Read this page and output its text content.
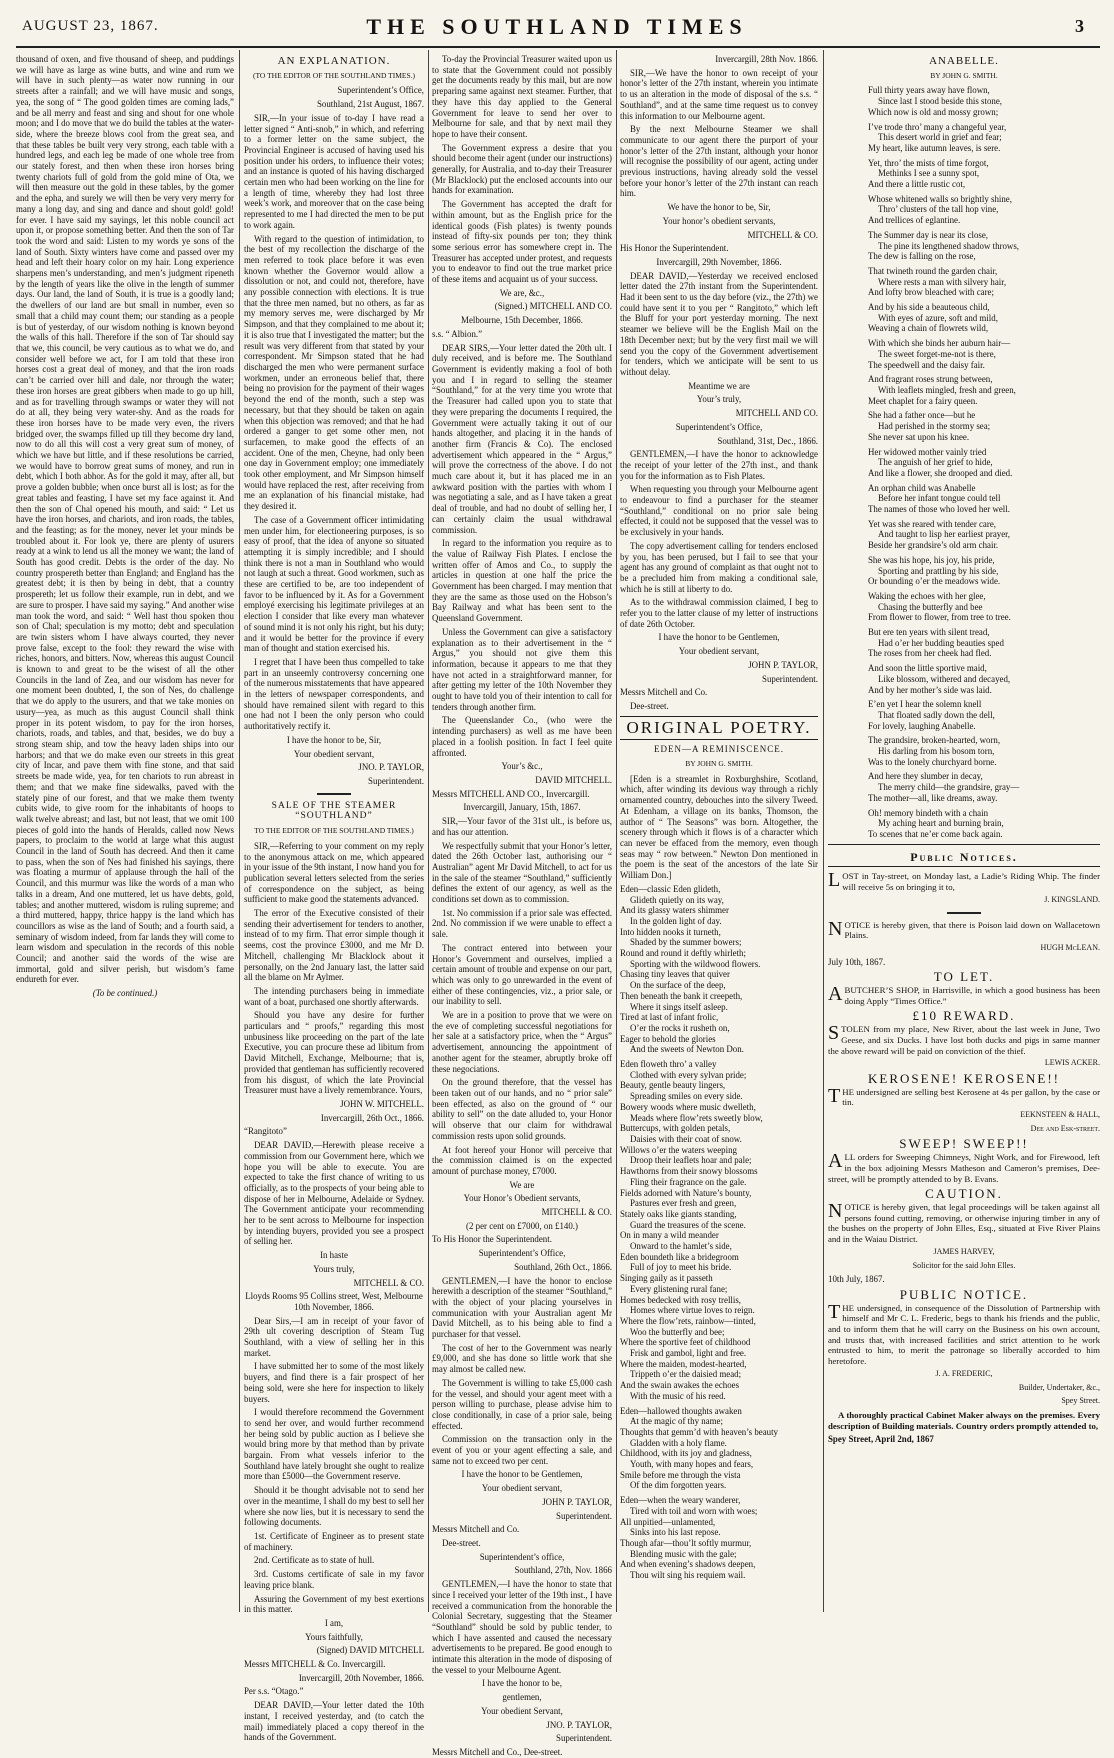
AUGUST 23, 1867.	THE SOUTHLAND TIMES	3

thousand of oxen, and five thousand of sheep, and puddings we will have as large as wine butts, and wine and rum we will have in such plenty—as water now running in our streets after a rainfall; and we will have music and songs, yea, the song of “ The good golden times are coming lads,” and be all merry and feast and sing and shout for one whole moon; and I do move that we do build the tables at the water-side, where the breeze blows cool from the great sea, and that these tables be built very very strong, each table with a hundred legs, and each leg be made of one whole tree from our stately forest, and then when these iron horses bring twenty chariots full of gold from the gold mine of Ota, we will then measure out the gold in these tables, by the gomer and the epha, and surely we will then be very very merry for many a long day, and sing and dance and shout gold! gold! for ever. I have said my sayings, let this noble council act upon it, or propose something better. And then the son of Tar took the word and said: Listen to my words ye sons of the land of South. Sixty winters have come and passed over my head and left their hoary color on my hair. Long experience sharpens men’s understanding, and men’s judgment ripeneth by the length of years like the olive in the length of summer days. Our land, the land of South, it is true is a goodly land; the dwellers of our land are but small in number, even so small that a child may count them; our standing as a people is but of yesterday, of our wisdom nothing is known beyond the walls of this hall. Therefore if the son of Tar should say that we, this council, be very cautious as to what we do, and consider well before we act, for I am told that these iron horses cost a great deal of money, and that the iron roads can’t be carried over hill and dale, nor through the water; these iron horses are great gibbers when made to go up hill, and as for travelling through swamps or water they will not do at all, they being very water-shy. And as the roads for these iron horses have to be made very even, the rivers bridged over, the swamps filled up till they become dry land, now to do all this will cost a very great sum of money, of which we have but little, and if these resolutions be carried, we would have to borrow great sums of money, and run in debt, which I both abhor. As for the gold it may, after all, but prove a golden bubble; when once burst all is lost; as for the great tables and feasting, I have set my face against it. And then the son of Chal opened his mouth, and said: “ Let us have the iron horses, and chariots, and iron roads, the tables, and the feasting; as for the money, never let your minds be troubled about it. For look ye, there are plenty of usurers ready at a wink to lend us all the money we want; the land of South has good credit. Debts is the order of the day. No country prospereth better than England; and England has the greatest debt; it is then by being in debt, that a country prospereth; let us follow their example, run in debt, and we are sure to prosper. I have said my saying.” And another wise man took the word, and said: “ Well hast thou spoken thou son of Chal; speculation is my motto; debt and speculation are twin sisters whom I have always courted, they never prove false, except to the fool: they reward the wise with riches, honors, and bitters. Now, whereas this august Council is known to and great to be the wisest of all the other Councils in the land of Zea, and our wisdom has never for one moment been doubted, I, the son of Nes, do challenge that we do apply to the usurers, and that we take monies on usury—yea, as much as this august Council shall think proper in its potent wisdom, to pay for the iron horses, chariots, roads, and tables, and that, besides, we do buy a strong steam ship, and tow the heavy laden ships into our harbors; and that we do make even our streets in this great city of Incar, and pave them with fine stone, and that said streets be made wide, yea, for ten chariots to run abreast in them; and that we make fine sidewalks, paved with the stately pine of our forest, and that we make them twenty cubits wide, to give room for the inhabitants of hoops to walk twelve abreast; and last, but not least, that we omit 100 pieces of gold into the hands of Heralds, called now News papers, to proclaim to the world at large what this august Council in the land of South has decreed. And then it came to pass, when the son of Nes had finished his sayings, there was floating a murmur of applause through the hall of the Council, and this murmur was like the words of a man who talks in a dream, And one muttered, let us have debts, gold, tables; and another muttered, wisdom is ruling supreme; and a third muttered, happy, thrice happy is the land which has councillors as wise as the land of South; and a fourth said, a seminary of wisdom indeed, from far lands they will come to learn wisdom and speculation in the records of this noble Council; and another said the words of the wise are immortal, gold and silver perish, but wisdom’s fame endureth for ever.

(To be continued.)

AN EXPLANATION.
(TO THE EDITOR OF THE SOUTHLAND TIMES.)

Superintendent’s Office,

Southland, 21st August, 1867.

SIR,—In your issue of to-day I have read a letter signed “ Anti-snob,” in which, and referring to a former letter on the same subject, the Provincial Engineer is accused of having used his position under his orders, to influence their votes; and an instance is quoted of his having discharged certain men who had been working on the line for a length of time, whereby they had lost three week’s work, and moreover that on the case being represented to me I had directed the men to be put to work again.

With regard to the question of intimidation, to the best of my recollection the discharge of the men referred to took place before it was even known whether the Governor would allow a dissolution or not, and could not, therefore, have any possible connection with elections. It is true that the three men named, but no others, as far as my memory serves me, were discharged by Mr Simpson, and that they complained to me about it; it is also true that I investigated the matter; but the result was very different from that stated by your correspondent. Mr Simpson stated that he had discharged the men who were permanent surface workmen, under an erroneous belief that, there being no provision for the payment of their wages beyond the end of the month, such a step was necessary, but that they should be taken on again when this objection was removed; and that he had ordered a ganger to get some other men, not surfacemen, to make good the effects of an accident. One of the men, Cheyne, had only been one day in Government employ; one immediately took other employment, and Mr Simpson himself would have replaced the rest, after receiving from me an explanation of his financial mistake, had they desired it.

The case of a Government officer intimidating men under him, for electioneering purposes, is so easy of proof, that the idea of anyone so situated attempting it is simply incredible; and I should think there is not a man in Southland who would not laugh at such a threat. Good workmen, such as these are certified to be, are too independent of favor to be influenced by it. As for a Government employé exercising his legitimate privileges at an election I consider that like every man whatever of sound mind it is not only his right, but his duty; and it would be better for the province if every man of thought and station exercised his.

I regret that I have been thus compelled to take part in an unseemly controversy concerning one of the numerous misstatements that have appeared in the letters of newspaper correspondents, and should have remained silent with regard to this one had not I been the only person who could authoritatively rectify it.

I have the honor to be, Sir,

Your obedient servant,

JNO. P. TAYLOR,

Superintendent.

SALE OF THE STEAMER “SOUTHLAND”
TO THE EDITOR OF THE SOUTHLAND TIMES.)

SIR,—Referring to your comment on my reply to the anonymous attack on me, which appeared in your issue of the 9th instant, I now hand you for publication several letters selected from the series of correspondence on the subject, as being sufficient to make good the statements advanced.

The error of the Executive consisted of their sending their advertisement for tenders to another, instead of to my firm. That error simple though it seems, cost the province £3000, and me Mr D. Mitchell, challenging Mr Blacklock about it personally, on the 2nd January last, the latter said all the blame on Mr Aylmer.

The intending purchasers being in immediate want of a boat, purchased one shortly afterwards.

Should you have any desire for further particulars and “ proofs,” regarding this most unbusiness like proceeding on the part of the late Executive, you can procure these ad libitum from David Mitchell, Exchange, Melbourne; that is, provided that gentleman has sufficiently recovered from his disgust, of which the late Provincial Treasurer must have a lively remembrance. Yours,

JOHN W. MITCHELL.

Invercargill, 26th Oct., 1866.

“Rangitoto”

DEAR DAVID,—Herewith please receive a commission from our Government here, which we hope you will be able to execute. You are expected to take the first chance of writing to us officially, as to the prospects of your being able to dispose of her in Melbourne, Adelaide or Sydney. The Government anticipate your recommending her to be sent across to Melbourne for inspection by intending buyers, provided you see a prospect of selling her.

In haste

Yours truly,

MITCHELL & CO.

Lloyds Rooms 95 Collins street, West, Melbourne 10th November, 1866.

Dear Sirs,—I am in receipt of your favor of 29th ult covering description of Steam Tug Southland, with a view of selling her in this market.

I have submitted her to some of the most likely buyers, and find there is a fair prospect of her being sold, were she here for inspection to likely buyers.

I would therefore recommend the Government to send her over, and would further recommend her being sold by public auction as I believe she would bring more by that method than by private bargain. From what vessels inferior to the Southland have lately brought she ought to realize more than £5000—the Government reserve.

Should it be thought advisable not to send her over in the meantime, I shall do my best to sell her where she now lies, but it is necessary to send the following documents.

1st. Certificate of Engineer as to present state of machinery.

2nd. Certificate as to state of hull.

3rd. Customs certificate of sale in my favor leaving price blank.

Assuring the Government of my best exertions in this matter.

I am,

Yours faithfully,

(Signed) DAVID MITCHELL

Messrs MITCHELL & Co. Invercargill.

Invercargill, 20th November, 1866.

Per s.s. “Otago.”

DEAR DAVID,—Your letter dated the 10th instant, I received yesterday, and (to catch the mail) immediately placed a copy thereof in the hands of the Government.

To-day the Provincial Treasurer waited upon us to state that the Government could not possibly get the documents ready by this mail, but are now preparing same against next steamer. Further, that they have this day applied to the General Government for leave to send her over to Melbourne for sale, and that by next mail they hope to have their consent.

The Government express a desire that you should become their agent (under our instructions) generally, for Australia, and to-day their Treasurer (Mr Blacklock) put the enclosed accounts into our hands for examination.

The Government has accepted the draft for within amount, but as the English price for the identical goods (Fish plates) is twenty pounds instead of fifty-six pounds per ton; they think some serious error has somewhere crept in. The Treasurer has accepted under protest, and requests you to endeavor to find out the true market price of these items and acquaint us of your success.

We are, &c.,

(Signed.) MITCHELL AND CO.

Melbourne, 15th December, 1866.

s.s. “ Albion.”

DEAR SIRS,—Your letter dated the 20th ult. I duly received, and is before me. The Southland Government is evidently making a fool of both you and I in regard to selling the steamer “Southland,” for at the very time you wrote that the Treasurer had called upon you to state that they were preparing the documents I required, the Government were actually taking it out of our hands altogether, and placing it in the hands of another firm (Francis & Co). The enclosed advertisement which appeared in the “ Argus,” will prove the correctness of the above. I do not much care about it, but it has placed me in an awkward position with the parties with whom I was negotiating a sale, and as I have taken a great deal of trouble, and had no doubt of selling her, I can certainly claim the usual withdrawal commission.

In regard to the information you require as to the value of Railway Fish Plates. I enclose the written offer of Amos and Co., to supply the articles in question at one half the price the Government has been charged. I may mention that they are the same as those used on the Hobson’s Bay Railway and what has been sent to the Queensland Government.

Unless the Government can give a satisfactory explanation as to their advertisement in the “ Argus,” you should not give them this information, because it appears to me that they have not acted in a straightforward manner, for after getting my letter of the 10th November they ought to have told you of their intention to call for tenders through another firm.

The Queenslander Co., (who were the intending purchasers) as well as me have been placed in a foolish position. In fact I feel quite affronted.

Your’s &c.,

DAVID MITCHELL.

Messrs MITCHELL AND CO., Invercargill.

Invercargill, January, 15th, 1867.

SIR,—Your favor of the 31st ult., is before us, and has our attention.

We respectfully submit that your Honor’s letter, dated the 26th October last, authorising our “ Australian” agent Mr David Mitchell, to act for us in the sale of the steamer “Southland,” sufficiently defines the extent of our agency, as well as the conditions set down as to commission.

1st. No commission if a prior sale was effected. 2nd. No commission if we were unable to effect a sale.

The contract entered into between your Honor’s Government and ourselves, implied a certain amount of trouble and expense on our part, which was only to go unrewarded in the event of either of these contingencies, viz., a prior sale, or our inability to sell.

We are in a position to prove that we were on the eve of completing successful negotiations for her sale at a satisfactory price, when the “ Argus” advertisement, announcing the appointment of another agent for the steamer, abruptly broke off these negociations.

On the ground therefore, that the vessel has been taken out of our hands, and no “ prior sale” been effected, as also on the ground of “ our ability to sell” on the date alluded to, your Honor will observe that our claim for withdrawal commission rests upon solid grounds.

At foot hereof your Honor will perceive that the commission claimed is on the expected amount of purchase money, £7000.

We are

Your Honor’s Obedient servants,

MITCHELL & CO.

(2 per cent on £7000, on £140.)

To His Honor the Superintendent.

Superintendent’s Office,

Southland, 26th Oct., 1866.

GENTLEMEN,—I have the honor to enclose herewith a description of the steamer “Southland,” with the object of your placing yourselves in communication with your Australian agent Mr David Mitchell, as to his being able to find a purchaser for that vessel.

The cost of her to the Government was nearly £9,000, and she has done so little work that she may almost be called new.

The Government is willing to take £5,000 cash for the vessel, and should your agent meet with a person willing to purchase, please advise him to close conditionally, in case of a prior sale, being effected.

Commission on the transaction only in the event of you or your agent effecting a sale, and same not to exceed two per cent.

I have the honor to be Gentlemen,

Your obedient servant,

JOHN P. TAYLOR,

Superintendent.

Messrs Mitchell and Co.

Dee-street.

Superintendent’s office,

Southland, 27th, Nov. 1866

GENTLEMEN,—I have the honor to state that since I received your letter of the 19th inst., I have received a communication from the honorable the Colonial Secretary, suggesting that the Steamer “Southland” should be sold by public tender, to which I have assented and caused the necessary advertisements to be prepared. Be good enough to intimate this alteration in the mode of disposing of the vessel to your Melbourne Agent.

I have the honor to be,

gentlemen,

Your obedient Servant,

JNO. P. TAYLOR,

Superintendent.

Messrs Mitchell and Co., Dee-street.

Invercargill, 28th Nov. 1866.

SIR,—We have the honor to own receipt of your honor’s letter of the 27th instant, wherein you intimate to us an alteration in the mode of disposal of the s.s. “ Southland”, and at the same time request us to convey this information to our Melbourne agent.

By the next Melbourne Steamer we shall communicate to our agent there the purport of your honor’s letter of the 27th instant, although your honor will recognise the possibility of our agent, acting under previous instructions, having already sold the vessel before your honor’s letter of the 27th instant can reach him.

We have the honor to be, Sir,

Your honor’s obedient servants,

MITCHELL & CO.

His Honor the Superintendent.

Invercargill, 29th November, 1866.

DEAR DAVID,—Yesterday we received enclosed letter dated the 27th instant from the Superintendent. Had it been sent to us the day before (viz., the 27th) we could have sent it to you per “ Rangitoto,” which left the Bluff for your port yesterday morning. The next steamer we believe will be the English Mail on the 18th December next; but by the very first mail we will send you the copy of the Government advertisement for tenders, which we anticipate will be sent to us without delay.

Meantime we are

Your’s truly,

MITCHELL AND CO.

Superintendent’s Office,

Southland, 31st, Dec., 1866.

GENTLEMEN,—I have the honor to acknowledge the receipt of your letter of the 27th inst., and thank you for the information as to Fish Plates.

When requesting you through your Melbourne agent to endeavour to find a purchaser for the steamer “Southland,” conditional on no prior sale being effected, it could not be supposed that the vessel was to be exclusively in your hands.

The copy advertisement calling for tenders enclosed by you, has been perused, but I fail to see that your agent has any ground of complaint as that ought not to be a precluded him from making a conditional sale, which he is still at liberty to do.

As to the withdrawal commission claimed, I beg to refer you to the latter clause of my letter of instructions of date 26th October.

I have the honor to be Gentlemen,

Your obedient servant,

JOHN P. TAYLOR,

Superintendent.

Messrs Mitchell and Co.

Dee-street.

ORIGINAL POETRY.
EDEN—A REMINISCENCE.
BY JOHN G. SMITH.

[Eden is a streamlet in Roxburghshire, Scotland, which, after winding its devious way through a richly ornamented country, debouches into the silvery Tweed. At Edenham, a village on its banks, Thomson, the author of “ The Seasons” was born. Altogether, the scenery through which it flows is of a character which can never be effaced from the memory, even though seas may “ row between.” Newton Don mentioned in the poem is the seat of the ancestors of the late Sir William Don.]

Eden—classic Eden glideth,

Glideth quietly on its way,

And its glassy waters shimmer

In the golden light of day.

Into hidden nooks it turneth,

Shaded by the summer bowers;

Round and round it deftly whirleth;

Sporting with the wildwood flowers.

Chasing tiny leaves that quiver

On the surface of the deep,

Then beneath the bank it creepeth,

Where it sings itself asleep.

Tired at last of infant frolic,

O’er the rocks it rusheth on,

Eager to behold the glories

And the sweets of Newton Don.

Eden floweth thro’ a valley

Clothed with every sylvan pride;

Beauty, gentle beauty lingers,

Spreading smiles on every side.

Bowery woods where music dwelleth,

Meads where flow’rets sweetly blow,

Buttercups, with golden petals,

Daisies with their coat of snow.

Willows o’er the waters weeping

Droop their leaflets hoar and pale;

Hawthorns from their snowy blossoms

Fling their fragrance on the gale.

Fields adorned with Nature’s bounty,

Pastures ever fresh and green,

Stately oaks like giants standing,

Guard the treasures of the scene.

On in many a wild meander

Onward to the hamlet’s side,

Eden boundeth like a bridegroom

Full of joy to meet his bride.

Singing gaily as it passeth

Every glistening rural fane;

Homes bedecked with rosy trellis,

Homes where virtue loves to reign.

Where the flow’rets, rainbow—tinted,

Woo the butterfly and bee;

Where the sportive feet of childhood

Frisk and gambol, light and free.

Where the maiden, modest-hearted,

Trippeth o’er the daisied mead;

And the swain awakes the echoes

With the music of his reed.

Eden—hallowed thoughts awaken

At the magic of thy name;

Thoughts that gemm’d with heaven’s beauty

Gladden with a holy flame.

Childhood, with its joy and gladness,

Youth, with many hopes and fears,

Smile before me through the vista

Of the dim forgotten years.

Eden—when the weary wanderer,

Tired with toil and worn with woes;

All unpitied—unlamented,

Sinks into his last repose.

Though afar—thou’lt softly murmur,

Blending music with the gale;

And when evening’s shadows deepen,

Thou wilt sing his requiem wail.

ANABELLE.
BY JOHN G. SMITH.

Full thirty years away have flown,

Since last I stood beside this stone,

Which now is old and mossy grown;

I’ve trode thro’ many a changeful year,

This desert world in grief and fear;

My heart, like autumn leaves, is sere.

Yet, thro’ the mists of time forgot,

Methinks I see a sunny spot,

And there a little rustic cot,

Whose whitened walls so brightly shine,

Thro’ clusters of the tall hop vine,

And trellices of eglantine.

The Summer day is near its close,

The pine its lengthened shadow throws,

The dew is falling on the rose,

That twineth round the garden chair,

Where rests a man with silvery hair,

And lofty brow bleached with care;

And by his side a beauteous child,

With eyes of azure, soft and mild,

Weaving a chain of flowrets wild,

With which she binds her auburn hair—

The sweet forget-me-not is there,

The speedwell and the daisy fair.

And fragrant roses strung between,

With leaflets mingled, fresh and green,

Meet chaplet for a fairy queen.

She had a father once—but he

Had perished in the stormy sea;

She never sat upon his knee.

Her widowed mother vainly tried

The anguish of her grief to hide,

And like a flower, she drooped and died.

An orphan child was Anabelle

Before her infant tongue could tell

The names of those who loved her well.

Yet was she reared with tender care,

And taught to lisp her earliest prayer,

Beside her grandsire’s old arm chair.

She was his hope, his joy, his pride,

Sporting and prattling by his side,

Or bounding o’er the meadows wide.

Waking the echoes with her glee,

Chasing the butterfly and bee

From flower to flower, from tree to tree.

But ere ten years with silent tread,

Had o’er her budding beauties sped

The roses from her cheek had fled.

And soon the little sportive maid,

Like blossom, withered and decayed,

And by her mother’s side was laid.

E’en yet I hear the solemn knell

That floated sadly down the dell,

For lovely, laughing Anabelle.

The grandsire, broken-hearted, worn,

His darling from his bosom torn,

Was to the lonely churchyard borne.

And here they slumber in decay,

The merry child—the grandsire, gray—

The mother—all, like dreams, away.

Oh! memory bindeth with a chain

My aching heart and burning brain,

To scenes that ne’er come back again.

Public Notices.

LOST in Tay-street, on Monday last, a Ladie’s Riding Whip. The finder will receive 5s on bringing it to,

J. KINGSLAND.

NOTICE is hereby given, that there is Poison laid down on Wallacetown Plains.

HUGH McLEAN.

July 10th, 1867.

TO LET.

ABUTCHER’S SHOP, in Harrisville, in which a good business has been doing Apply “Times Office.”

£10 REWARD.

STOLEN from my place, New River, about the last week in June, Two Geese, and six Ducks. I have lost both ducks and pigs in same manner the above reward will be paid on conviction of the thief.

LEWIS ACKER.

KEROSENE! KEROSENE!!

THE undersigned are selling best Kerosene at 4s per gallon, by the case or tin.

EEKNSTEEN & HALL,

Dee and Esk-street.

SWEEP! SWEEP!!

ALL orders for Sweeping Chimneys, Night Work, and for Firewood, left in the box adjoining Messrs Matheson and Cameron’s premises, Dee-street, will be promptly attended to by B. Evans.

CAUTION.

NOTICE is hereby given, that legal proceedings will be taken against all persons found cutting, removing, or otherwise injuring timber in any of the bushes on the property of John Elles, Esq., situated at Five River Plains and in the Waiau District.

JAMES HARVEY,

Solicitor for the said John Elles.

10th July, 1867.

PUBLIC NOTICE.

THE undersigned, in consequence of the Dissolution of Partnership with himself and Mr C. L. Frederic, begs to thank his friends and the public, and to inform them that he will carry on the Business on his own account, and trusts that, with increased facilities and strict attention to he work entrusted to him, to merit the patronage so liberally accorded to him heretofore.

J. A. FREDERIC,

Builder, Undertaker, &c.,

Spey Street.

A thoroughly practical Cabinet Maker always on the premises. Every description of Building materials. Country orders promptly attended to,

Spey Street, April 2nd, 1867
